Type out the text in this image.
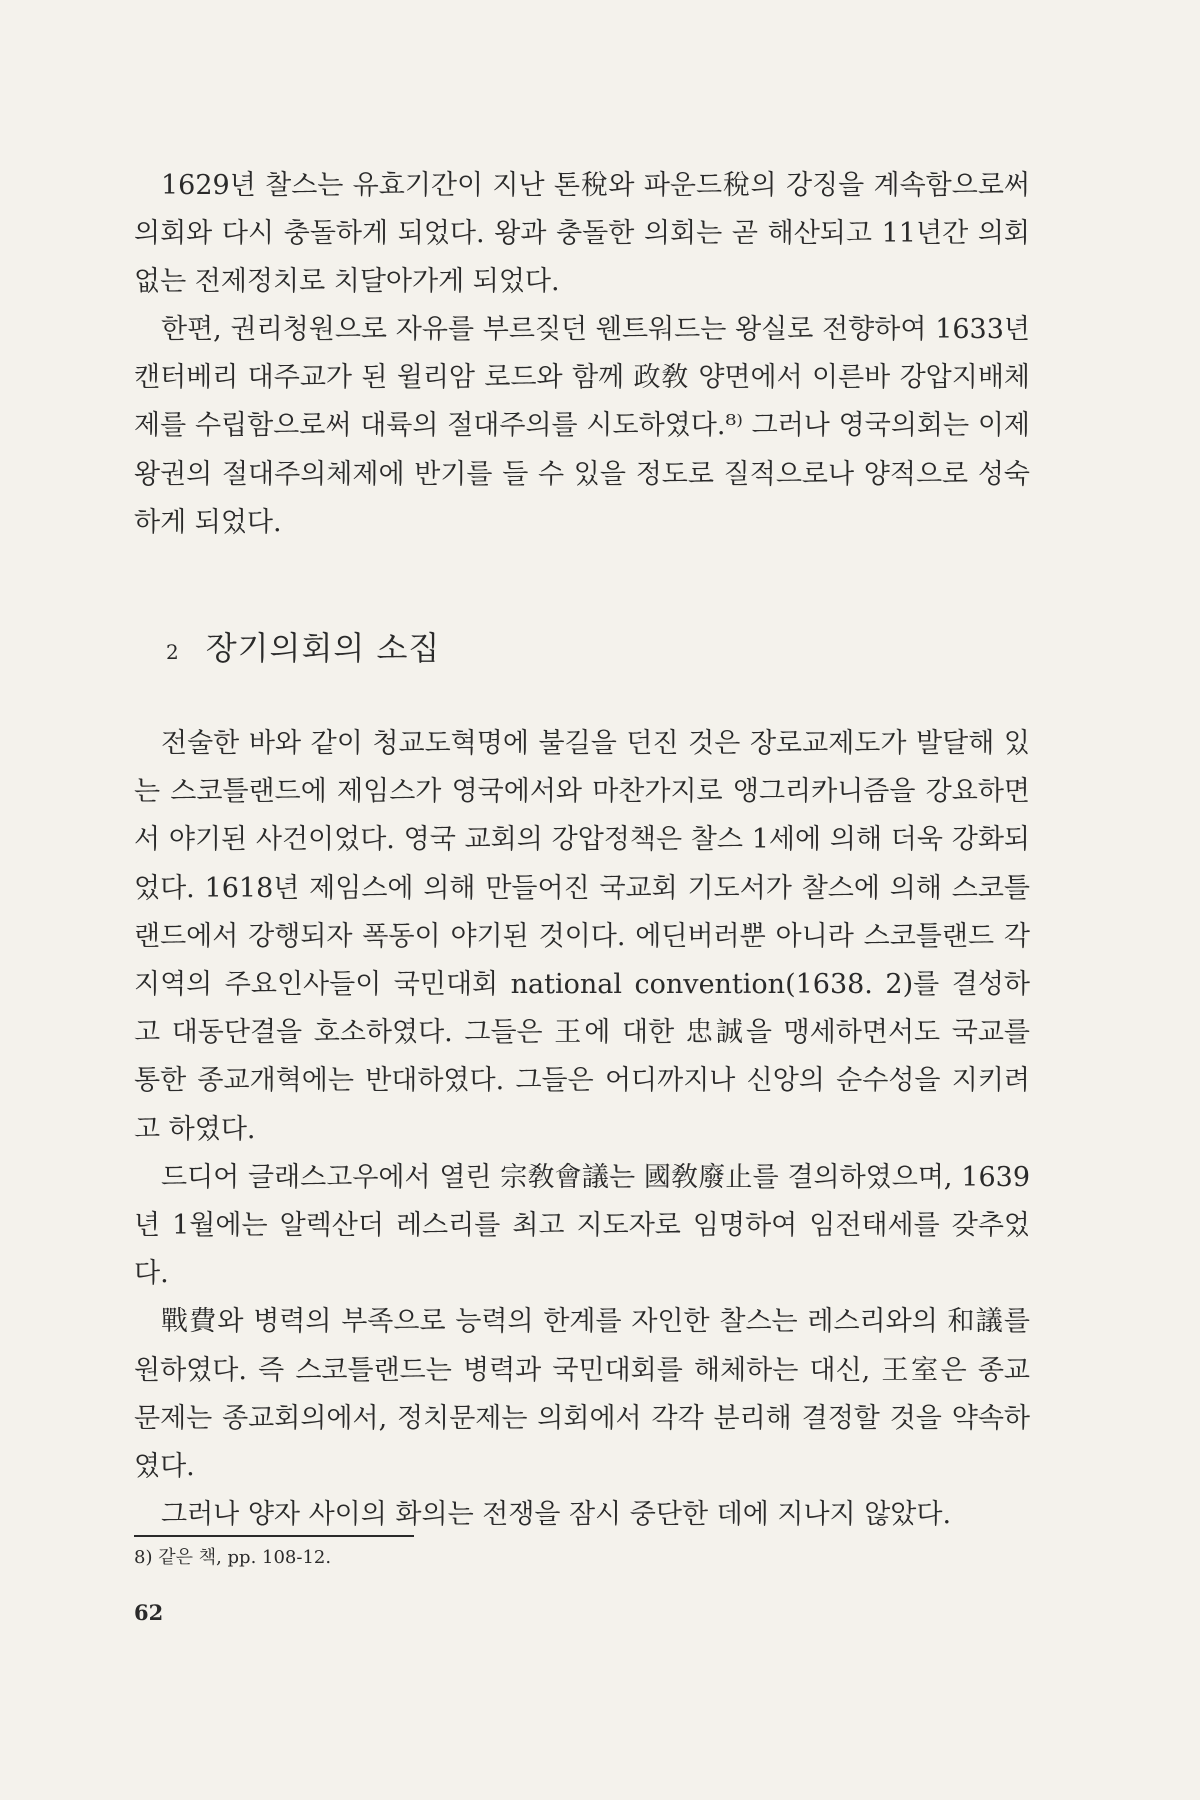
1629년 찰스는 유효기간이 지난 톤稅와 파운드稅의 강징을 계속함으로써 의회와 다시 충돌하게 되었다. 왕과 충돌한 의회는 곧 해산되고 11년간 의회 없는 전제정치로 치달아가게 되었다.

한편, 권리청원으로 자유를 부르짖던 웬트워드는 왕실로 전향하여 1633년 캔터베리 대주교가 된 윌리암 로드와 함께 政敎 양면에서 이른바 강압지배체제를 수립함으로써 대륙의 절대주의를 시도하였다.⁸⁾ 그러나 영국의회는 이제 왕권의 절대주의체제에 반기를 들 수 있을 정도로 질적으로나 양적으로 성숙하게 되었다.

2 장기의회의 소집

전술한 바와 같이 청교도혁명에 불길을 던진 것은 장로교제도가 발달해 있는 스코틀랜드에 제임스가 영국에서와 마찬가지로 앵그리카니즘을 강요하면서 야기된 사건이었다. 영국 교회의 강압정책은 찰스 1세에 의해 더욱 강화되었다. 1618년 제임스에 의해 만들어진 국교회 기도서가 찰스에 의해 스코틀랜드에서 강행되자 폭동이 야기된 것이다. 에딘버러뿐 아니라 스코틀랜드 각 지역의 주요인사들이 국민대회 national convention(1638. 2)를 결성하고 대동단결을 호소하였다. 그들은 王에 대한 忠誠을 맹세하면서도 국교를 통한 종교개혁에는 반대하였다. 그들은 어디까지나 신앙의 순수성을 지키려고 하였다.

드디어 글래스고우에서 열린 宗敎會議는 國敎廢止를 결의하였으며, 1639년 1월에는 알렉산더 레스리를 최고 지도자로 임명하여 임전태세를 갖추었다.

戰費와 병력의 부족으로 능력의 한계를 자인한 찰스는 레스리와의 和議를 원하였다. 즉 스코틀랜드는 병력과 국민대회를 해체하는 대신, 王室은 종교문제는 종교회의에서, 정치문제는 의회에서 각각 분리해 결정할 것을 약속하였다.

그러나 양자 사이의 화의는 전쟁을 잠시 중단한 데에 지나지 않았다.

8) 같은 책, pp. 108-12.
62
